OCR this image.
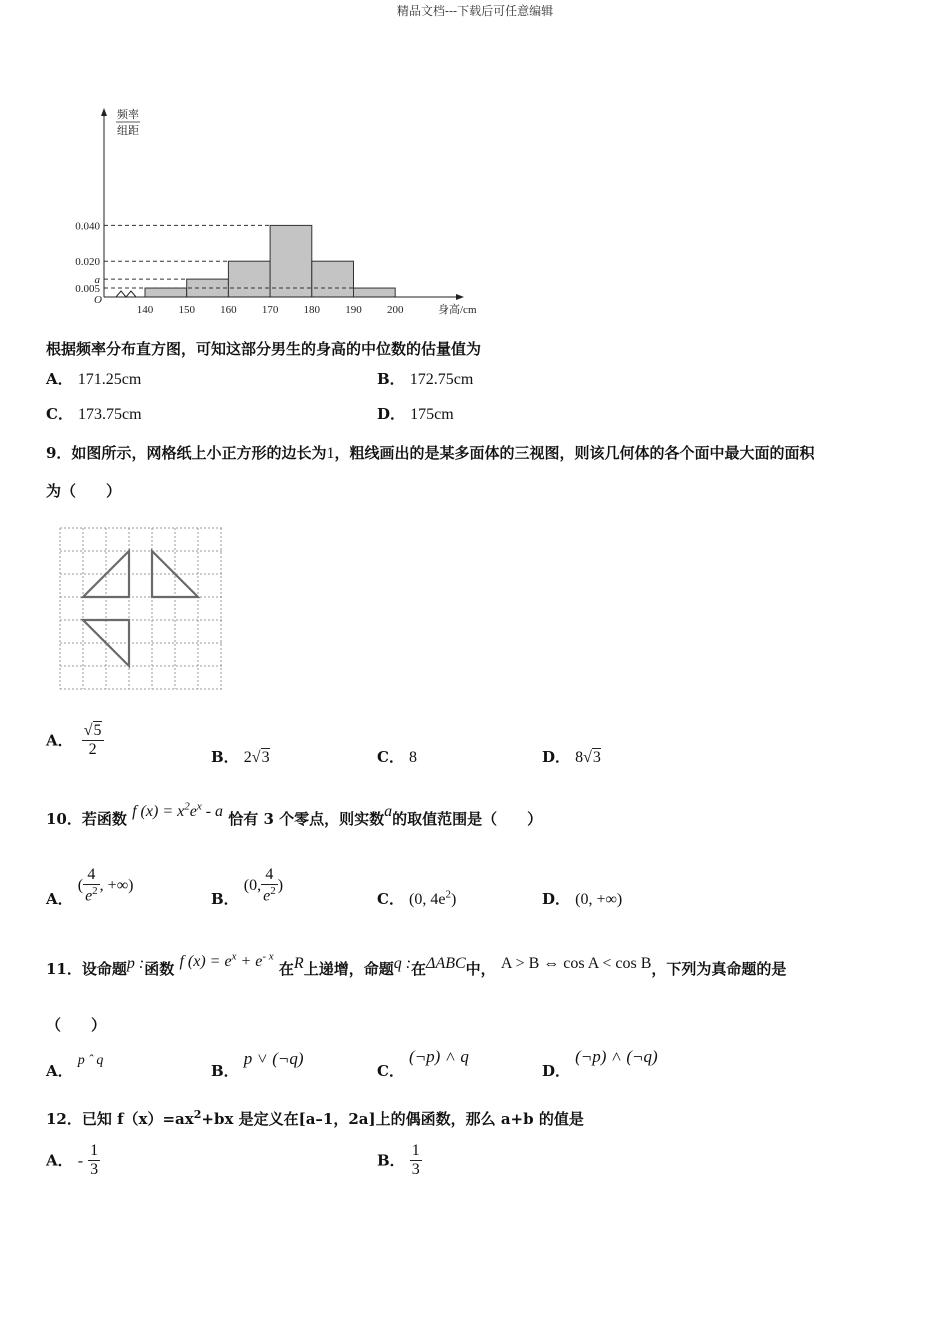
精品文档---下载后可任意编辑
0.040
0.020
a
0.005
140 150 160 170 180 190 200
O
身高/cm
频率
组距
根据频率分布直方图，可知这部分男生的身高的中位数的估量值为
A． 171.25cm	B． 172.75cm
C． 173.75cm	D． 175cm
9．如图所示，网格纸上小正方形的边长为1，粗线画出的是某多面体的三视图，则该几何体的各个面中最大面的面积
为（　　）
A． $\frac{√5}{2}$	B． 2√3	C． 8	D． 8√3
10．若函数 f $(x) = x^2e^x - a$ 恰有 3 个零点，则实数a的取值范围是（　　）
A． ( $\frac{4}{e^2}$ , +∞)
B． (0, $\frac{4}{e^2}$ )
C． (0, $4e^2$)	D． (0, +∞)
11．设命题p :函数 f $(x) = e^x + e^{- x}$ 在R上递增，命题q :在ΔABC中， A > B ⇔ cos A < cos B，下列为真命题的是
（　　）
A． p ˆ q
B． p ˅ (¬q)
C． (¬p) ˄ q
D． (¬p) ˄ (¬q)
12．已知 $f(x)=ax^2+bx$ 是定义在[a–1，2a]上的偶函数，那么 a+b 的值是
A． - $\frac{1}{3}$	B． $\frac{1}{3}$
